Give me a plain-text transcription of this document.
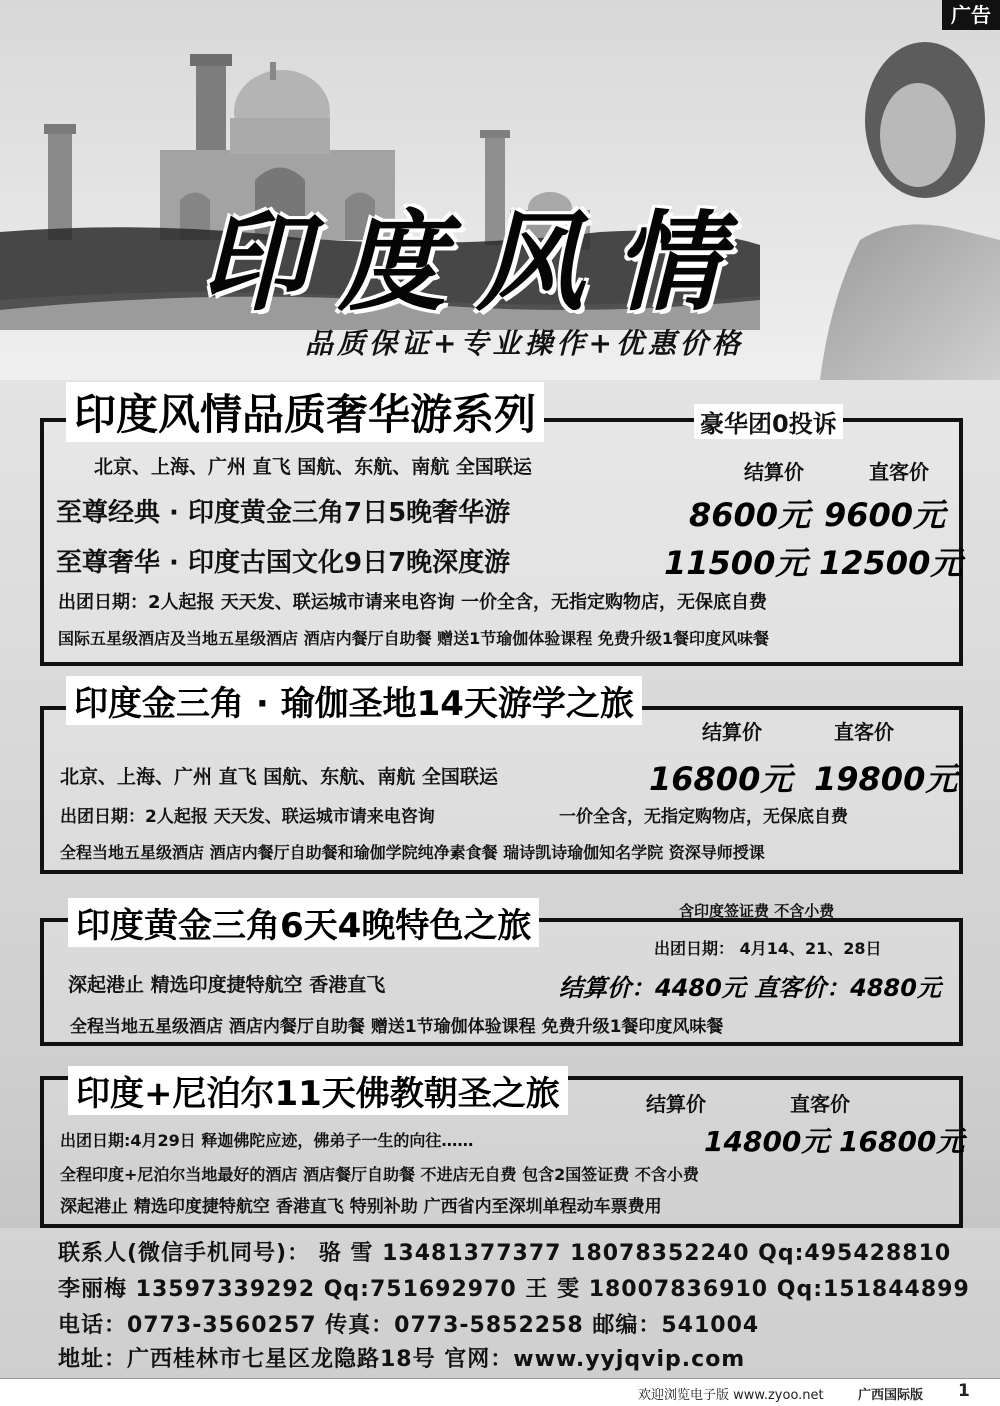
印度风情
品质保证+专业操作+优惠价格
广告
印度风情品质奢华游系列	豪华团0投诉
北京、上海、广州 直飞 国航、东航、南航 全国联运	结算价	直客价
至尊经典 · 印度黄金三角7日5晚奢华游	8600元 9600元
至尊奢华 · 印度古国文化9日7晚深度游	11500元 12500元
出团日期：2人起报 天天发、联运城市请来电咨询 一价全含，无指定购物店，无保底自费
国际五星级酒店及当地五星级酒店 酒店内餐厅自助餐 赠送1节瑜伽体验课程 免费升级1餐印度风味餐
印度金三角 · 瑜伽圣地14天游学之旅
结算价	直客价
北京、上海、广州 直飞 国航、东航、南航 全国联运	16800元 19800元
出团日期：2人起报 天天发、联运城市请来电咨询	一价全含，无指定购物店，无保底自费
全程当地五星级酒店 酒店内餐厅自助餐和瑜伽学院纯净素食餐 瑞诗凯诗瑜伽知名学院 资深导师授课
印度黄金三角6天4晚特色之旅	含印度签证费 不含小费
出团日期： 4月14、21、28日
深起港止 精选印度捷特航空 香港直飞	结算价：4480元 直客价：4880元
全程当地五星级酒店 酒店内餐厅自助餐 赠送1节瑜伽体验课程 免费升级1餐印度风味餐
印度+尼泊尔11天佛教朝圣之旅	结算价	直客价
出团日期:4月29日 释迦佛陀应迹，佛弟子一生的向往……	14800元 16800元
全程印度+尼泊尔当地最好的酒店 酒店餐厅自助餐 不进店无自费 包含2国签证费 不含小费
深起港止 精选印度捷特航空 香港直飞 特别补助 广西省内至深圳单程动车票费用
联系人(微信手机同号)： 骆 雪 13481377377 18078352240 Qq:495428810
李丽梅 13597339292 Qq:751692970 王 雯 18007836910 Qq:151844899
电话：0773-3560257 传真：0773-5852258 邮编：541004
地址：广西桂林市七星区龙隐路18号 官网：www.yyjqvip.com
欢迎浏览电子版 www.zyoo.net	广西国际版 1
